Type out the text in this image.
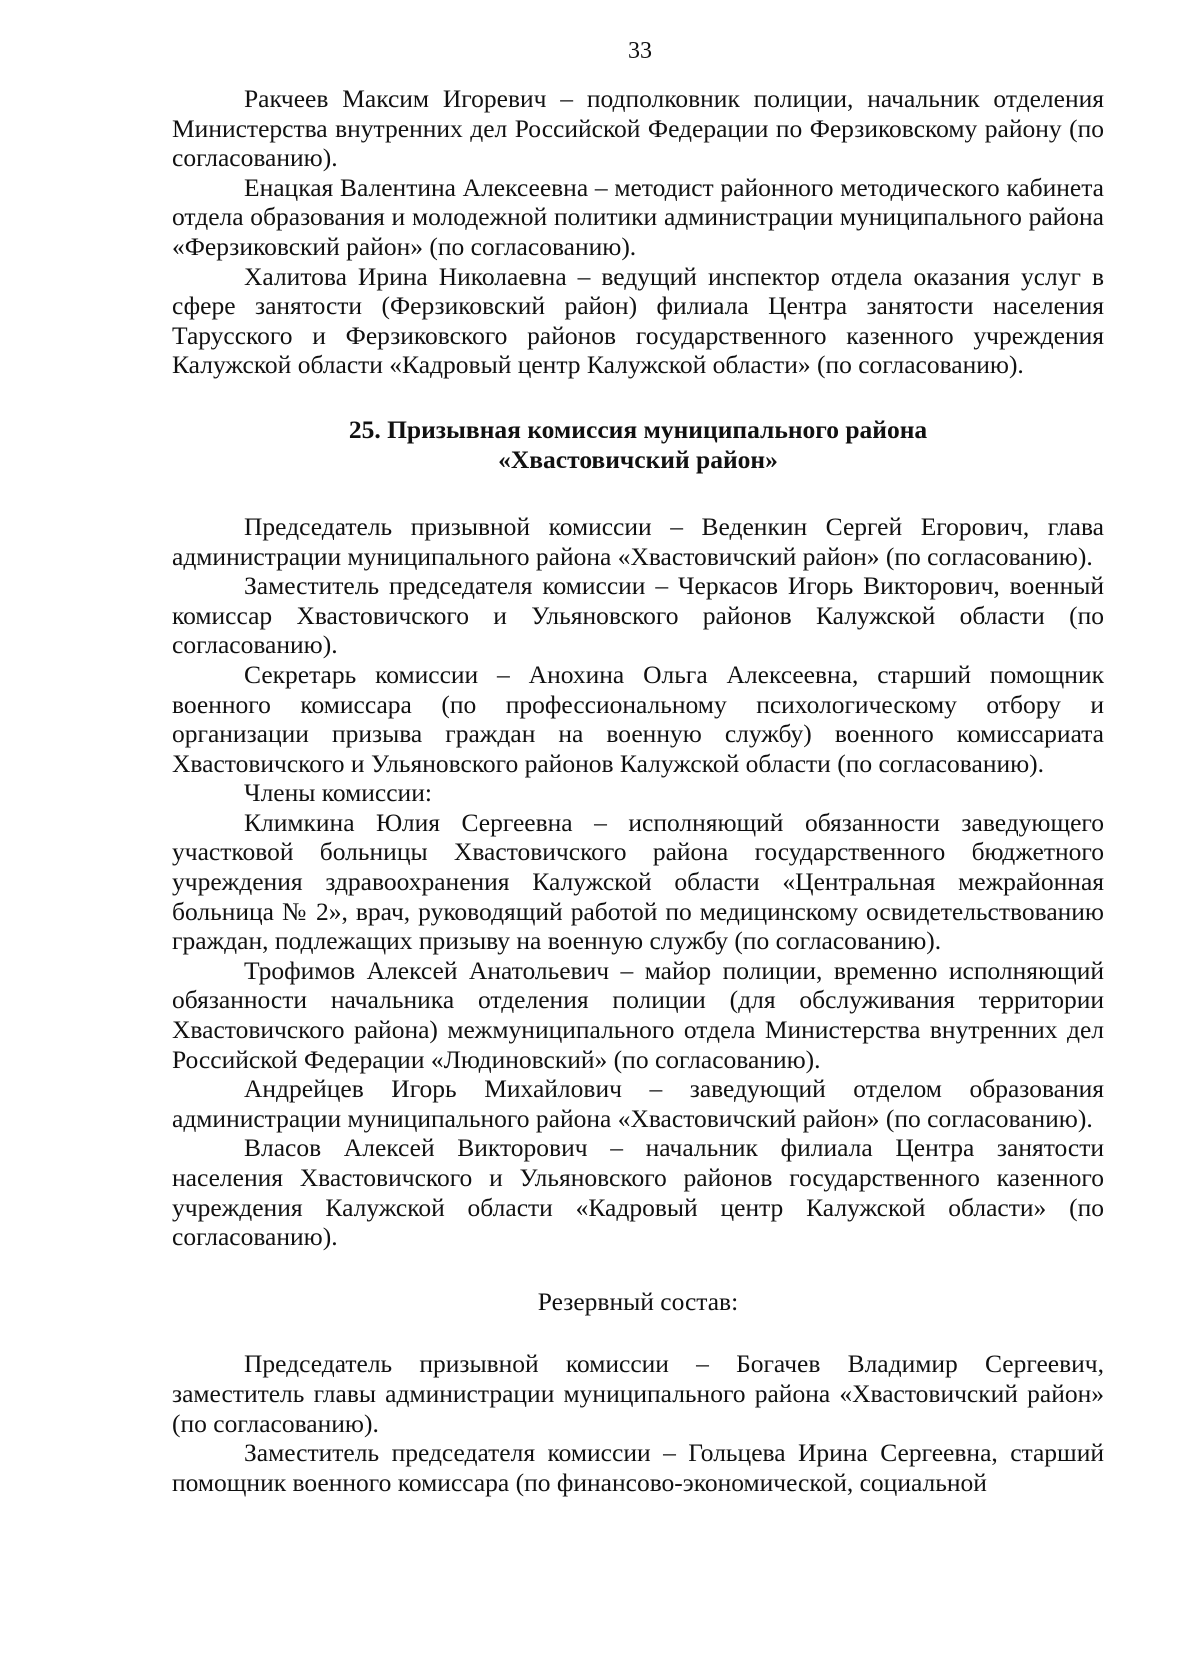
33

Ракчеев Максим Игоревич – подполковник полиции, начальник отделения Министерства внутренних дел Российской Федерации по Ферзиковскому району (по согласованию).

Енацкая Валентина Алексеевна – методист районного методического кабинета отдела образования и молодежной политики администрации муниципального района «Ферзиковский район» (по согласованию).

Халитова Ирина Николаевна – ведущий инспектор отдела оказания услуг в сфере занятости (Ферзиковский район) филиала Центра занятости населения Тарусского и Ферзиковского районов государственного казенного учреждения Калужской области «Кадровый центр Калужской области» (по согласованию).

25. Призывная комиссия муниципального района
«Хвастовичский район»

Председатель призывной комиссии – Веденкин Сергей Егорович, глава администрации муниципального района «Хвастовичский район» (по согласованию).

Заместитель председателя комиссии – Черкасов Игорь Викторович, военный комиссар Хвастовичского и Ульяновского районов Калужской области (по согласованию).

Секретарь комиссии – Анохина Ольга Алексеевна, старший помощник военного комиссара (по профессиональному психологическому отбору и организации призыва граждан на военную службу) военного комиссариата Хвастовичского и Ульяновского районов Калужской области (по согласованию).

Члены комиссии:

Климкина Юлия Сергеевна – исполняющий обязанности заведующего участковой больницы Хвастовичского района государственного бюджетного учреждения здравоохранения Калужской области «Центральная межрайонная больница № 2», врач, руководящий работой по медицинскому освидетельствованию граждан, подлежащих призыву на военную службу (по согласованию).

Трофимов Алексей Анатольевич – майор полиции, временно исполняющий обязанности начальника отделения полиции (для обслуживания территории Хвастовичского района) межмуниципального отдела Министерства внутренних дел Российской Федерации «Людиновский» (по согласованию).

Андрейцев Игорь Михайлович – заведующий отделом образования администрации муниципального района «Хвастовичский район» (по согласованию).

Власов Алексей Викторович – начальник филиала Центра занятости населения Хвастовичского и Ульяновского районов государственного казенного учреждения Калужской области «Кадровый центр Калужской области» (по согласованию).

Резервный состав:

Председатель призывной комиссии – Богачев Владимир Сергеевич, заместитель главы администрации муниципального района «Хвастовичский район» (по согласованию).

Заместитель председателя комиссии – Гольцева Ирина Сергеевна, старший помощник военного комиссара (по финансово-экономической, социальной
